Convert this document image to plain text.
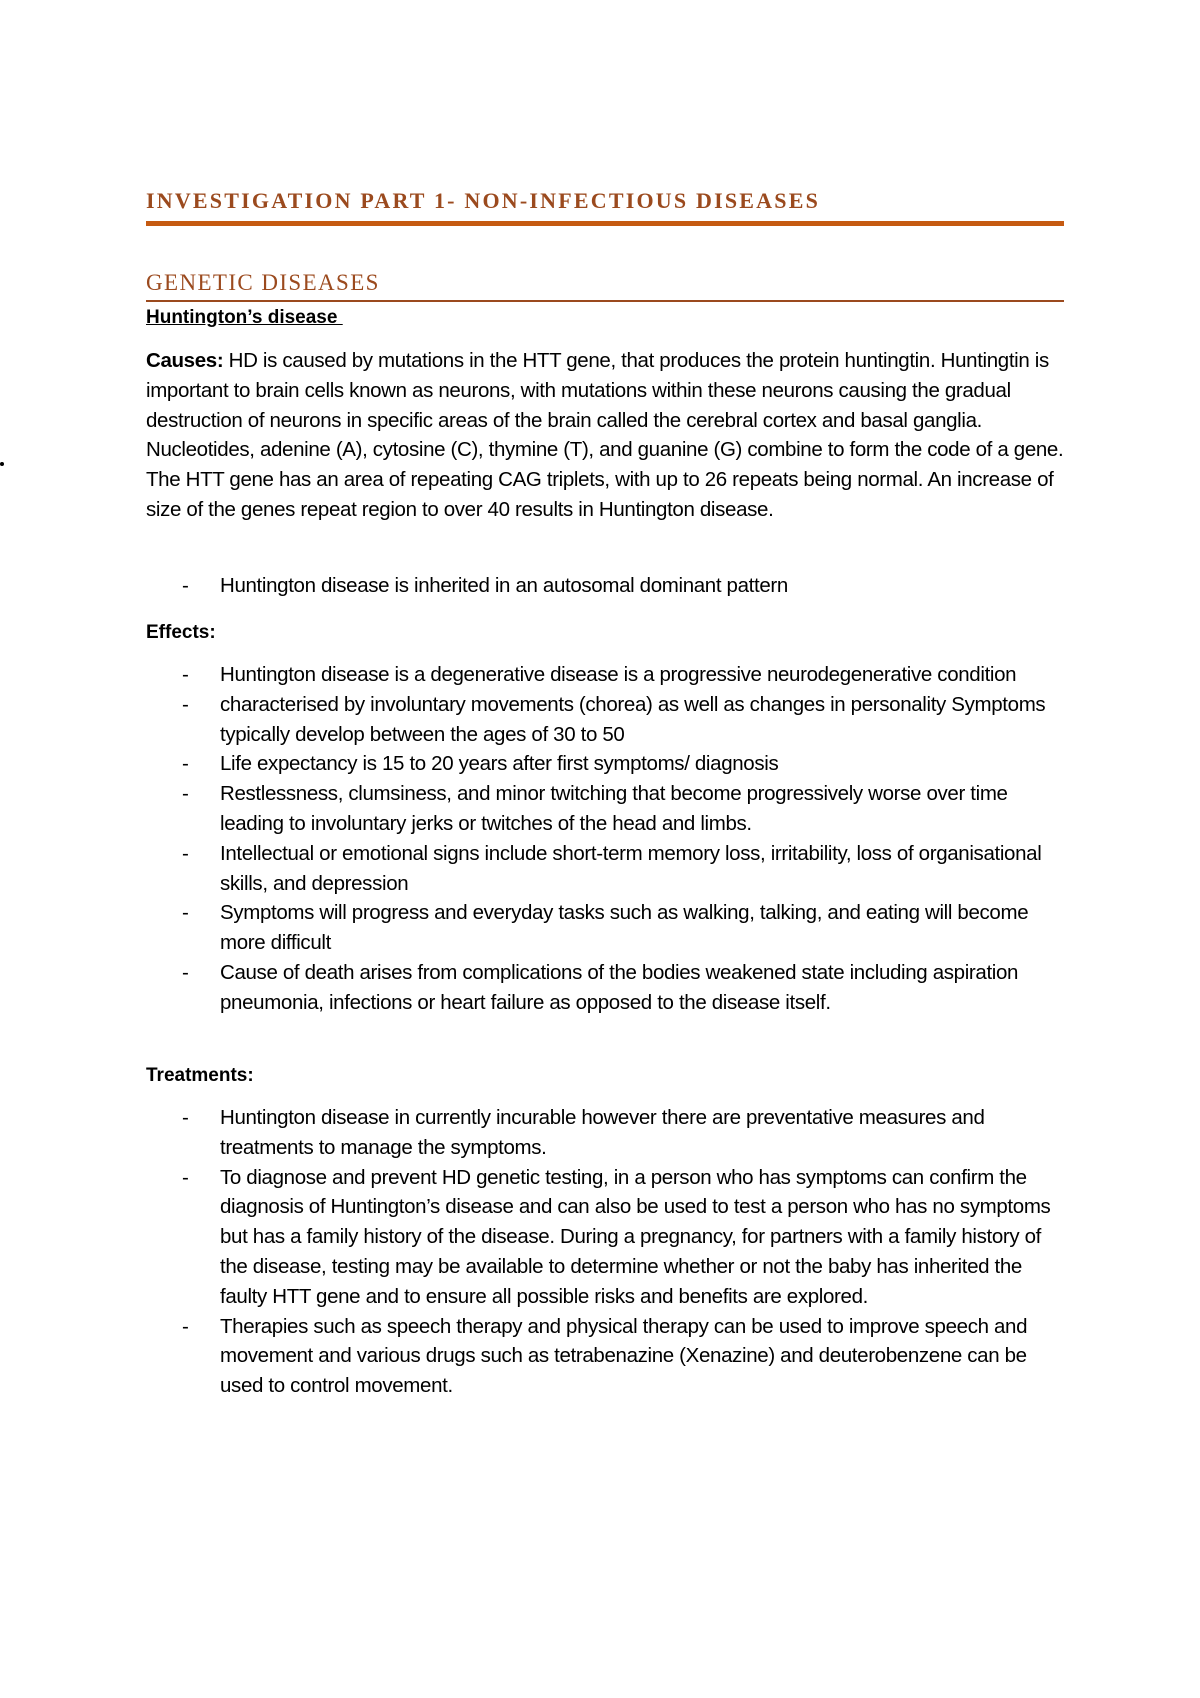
INVESTIGATION PART 1- NON-INFECTIOUS DISEASES
GENETIC DISEASES
Huntington’s disease

Causes: HD is caused by mutations in the HTT gene, that produces the protein huntingtin. Huntingtin is important to brain cells known as neurons, with mutations within these neurons causing the gradual destruction of neurons in specific areas of the brain called the cerebral cortex and basal ganglia. Nucleotides, adenine (A), cytosine (C), thymine (T), and guanine (G) combine to form the code of a gene. The HTT gene has an area of repeating CAG triplets, with up to 26 repeats being normal. An increase of size of the genes repeat region to over 40 results in Huntington disease.

- Huntington disease is inherited in an autosomal dominant pattern
Effects:
- Huntington disease is a degenerative disease is a progressive neurodegenerative condition
- characterised by involuntary movements (chorea) as well as changes in personality Symptoms typically develop between the ages of 30 to 50
- Life expectancy is 15 to 20 years after first symptoms/ diagnosis
- Restlessness, clumsiness, and minor twitching that become progressively worse over time leading to involuntary jerks or twitches of the head and limbs.
- Intellectual or emotional signs include short-term memory loss, irritability, loss of organisational skills, and depression
- Symptoms will progress and everyday tasks such as walking, talking, and eating will become more difficult
- Cause of death arises from complications of the bodies weakened state including aspiration pneumonia, infections or heart failure as opposed to the disease itself.
Treatments:
- Huntington disease in currently incurable however there are preventative measures and treatments to manage the symptoms.
- To diagnose and prevent HD genetic testing, in a person who has symptoms can confirm the diagnosis of Huntington’s disease and can also be used to test a person who has no symptoms but has a family history of the disease. During a pregnancy, for partners with a family history of the disease, testing may be available to determine whether or not the baby has inherited the faulty HTT gene and to ensure all possible risks and benefits are explored.
- Therapies such as speech therapy and physical therapy can be used to improve speech and movement and various drugs such as tetrabenazine (Xenazine) and deuterobenzene can be used to control movement.
